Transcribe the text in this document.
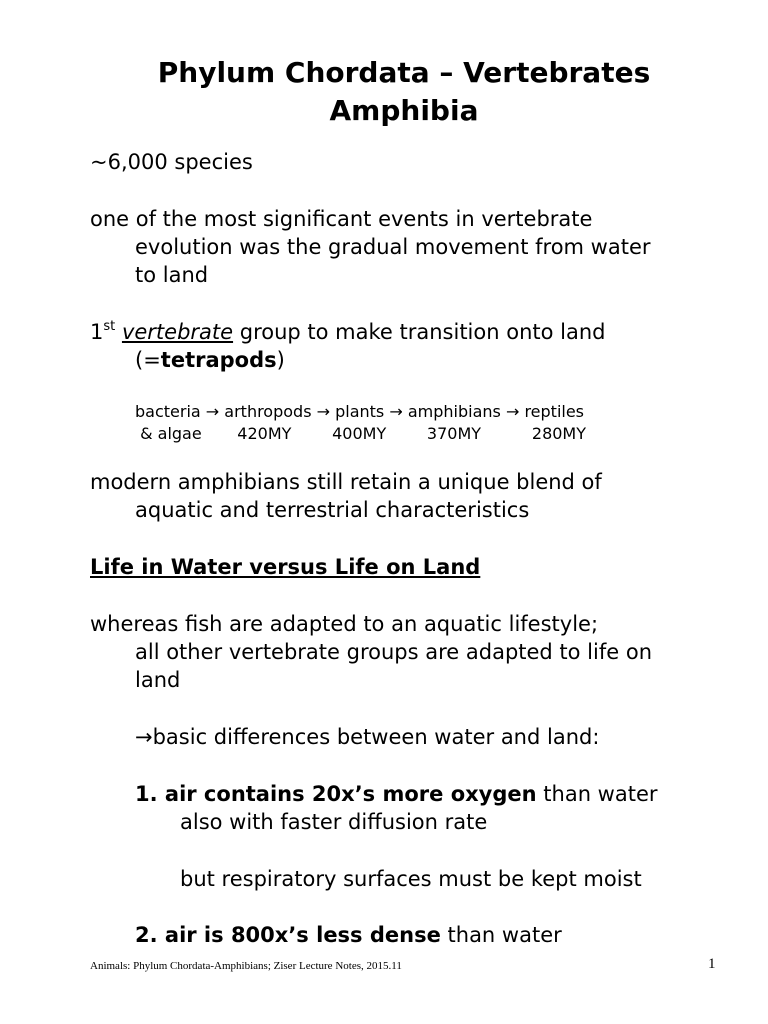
Phylum Chordata – Vertebrates
Amphibia

~6,000 species

one of the most significant events in vertebrate

evolution was the gradual movement from water

to land

1st vertebrate group to make transition onto land

(=tetrapods)

bacteria → arthropods → plants → amphibians → reptiles

& algae       420MY        400MY        370MY          280MY

modern amphibians still retain a unique blend of

aquatic and terrestrial characteristics

Life in Water versus Life on Land

whereas fish are adapted to an aquatic lifestyle;

all other vertebrate groups are adapted to life on

land

→basic differences between water and land:

1. air contains 20x’s more oxygen than water

also with faster diffusion rate

but respiratory surfaces must be kept moist

2. air is 800x’s less dense than water

Animals: Phylum Chordata-Amphibians; Ziser Lecture Notes, 2015.11	1
